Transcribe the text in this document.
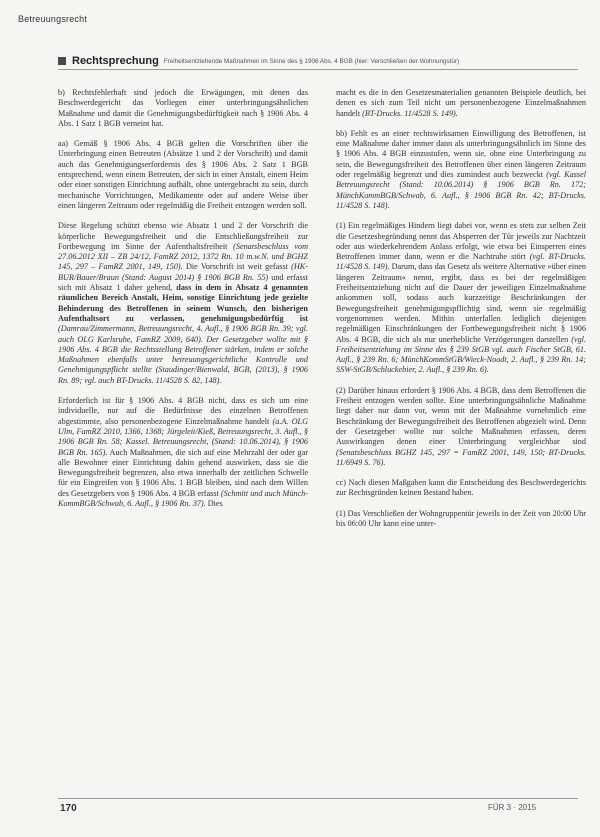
Betreuungsrecht
Rechtsprechung Freiheitsentziehende Maßnahmen im Sinne des § 1906 Abs. 4 BGB (hier: Verschließen der Wohnungstür)

b) Rechtsfehlerhaft sind jedoch die Erwägungen, mit denen das Beschwerdegericht das Vorliegen einer unterbringungsähnlichen Maßnahme und damit die Genehmigungsbedürftigkeit nach § 1906 Abs. 4 Abs. 1 Satz 1 BGB verneint hat.

aa) Gemäß § 1906 Abs. 4 BGB gelten die Vorschriften über die Unterbringung einen Betreuten (Absätze 1 und 2 der Vorschrift) und damit auch das Genehmigungserfordernis des § 1906 Abs. 2 Satz 1 BGB entsprechend, wenn einem Betreuten, der sich in einer Anstalt, einem Heim oder einer sonstigen Einrichtung aufhält, ohne untergebracht zu sein, durch mechanische Vorrichtungen, Medikamente oder auf andere Weise über einen längeren Zeitraum oder regelmäßig die Freiheit entzogen werden soll.

Diese Regelung schützt ebenso wie Absatz 1 und 2 der Vorschrift die körperliche Bewegungsfreiheit und die Entschließungsfreiheit zur Fortbewegung im Sinne der Aufenthaltsfreiheit (Senatsbeschluss vom 27.06.2012 XII – ZB 24/12, FamRZ 2012, 1372 Rn. 10 m.w.N. und BGHZ 145, 297 – FamRZ 2001, 149, 150). Die Vorschrift ist weit gefasst (HK-BUR/Bauer/Braun (Stand: August 2014) § 1906 BGB Rn. 55) und erfasst sich mit Absatz 1 daher gehend, dass in dem in Absatz 4 genannten räumlichen Bereich Anstalt, Heim, sonstige Einrichtung jede gezielte Behinderung des Betroffenen in seinem Wunsch, den bisherigen Aufenthaltsort zu verlassen, genehmigungsbedürftig ist (Damrau/Zimmermann, Betreuungsrecht, 4. Aufl., § 1906 BGB Rn. 39; vgl. auch OLG Karlsruhe, FamRZ 2009, 640). Der Gesetzgeber wollte mit § 1906 Abs. 4 BGB die Rechtsstellung Betroffener stärken, indem er solche Maßnahmen ebenfalls unter betreuungsgerichtliche Kontrolle und Genehmigungspflicht stellte (Staudinger/Bienwald, BGB, (2013), § 1906 Rn. 89; vgl. auch BT-Drucks. 11/4528 S. 82, 148).

Erforderlich ist für § 1906 Abs. 4 BGB nicht, dass es sich um eine individuelle, nur auf die Bedürfnisse des einzelnen Betroffenen abgestimmte, also personenbezogene Einzelmaßnahme handelt (a.A. OLG Ulm, FamRZ 2010, 1366, 1368; Jürgeleit/Kieß, Betreuungsrecht, 3. Aufl., § 1906 BGB Rn. 58; Kassel. Betreuungsrecht, (Stand: 10.06.2014), § 1906 BGB Rn. 165). Auch Maßnahmen, die sich auf eine Mehrzahl der oder gar alle Bewohner einer Einrichtung dahin gehend auswirken, dass sie die Bewegungsfreiheit begrenzen, also etwa innerhalb der zeitlichen Schwelle für ein Eingreifen von § 1906 Abs. 1 BGB bleiben, sind nach dem Willen des Gesetzgebers von § 1906 Abs. 4 BGB erfasst (Schmitt und auch Münch-KommBGB/Schwab, 6. Aufl., § 1906 Rn. 37). Dies

macht es die in den Gesetzesmaterialien genannten Beispiele deutlich, bei denen es sich zum Teil nicht um personenbezogene Einzelmaßnahmen handelt (BT-Drucks. 11/4528 S. 149).

bb) Fehlt es an einer rechtswirksamen Einwilligung des Betroffenen, ist eine Maßnahme daher immer dann als unterbringungsähnlich im Sinne des § 1906 Abs. 4 BGB einzustufen, wenn sie, ohne eine Unterbringung zu sein, die Bewegungsfreiheit des Betroffenen über einen längeren Zeitraum oder regelmäßig begrenzt und dies zumindest auch bezweckt (vgl. Kassel Betreuungsrecht (Stand: 10.06.2014) § 1906 BGB Rn. 172; MünchKommBGB/Schwab, 6. Aufl., § 1906 BGB Rn. 42; BT-Drucks. 11/4528 S. 148).

(1) Ein regelmäßiges Hindern liegt dabei vor, wenn es stets zur selben Zeit die Gesetzesbegründung nennt das Absperren der Tür jeweils zur Nachtzeit oder aus wiederkehrendem Anlass erfolgt, wie etwa bei Einsperren eines Betroffenen immer dann, wenn er die Nachtruhe stört (vgl. BT-Drucks. 11/4528 S. 149). Darum, dass das Gesetz als weitere Alternative »über einen längeren Zeitraum« nennt, ergibt, dass es bei der regelmäßigen Freiheitsentziehung nicht auf die Dauer der jeweiligen Einzelmaßnahme ankommen soll, sodass auch kurzzeitige Beschränkungen der Bewegungsfreiheit genehmigungspflichtig sind, wenn sie regelmäßig vorgenommen werden. Mithin unterfallen lediglich diejenigen regelmäßigen Einschränkungen der Fortbewegungsfreiheit nicht § 1906 Abs. 4 BGB, die sich als nur unerhebliche Verzögerungen darstellen (vgl. Freiheitsentziehung im Sinne des § 239 StGB vgl. auch Fischer StGB, 61. Aufl., § 239 Rn. 6; MünchKommStGB/Wieck-Noodt, 2. Aufl., § 239 Rn. 14; SSW-StGB/Schluckebier, 2. Aufl., § 239 Rn. 6).

(2) Darüber hinaus erfordert § 1906 Abs. 4 BGB, dass dem Betroffenen die Freiheit entzogen werden sollte. Eine unterbringungsähnliche Maßnahme liegt daher nur dann vor, wenn mit der Maßnahme vornehmlich eine Beschränkung der Bewegungsfreiheit des Betroffenen abgezielt wird. Denn der Gesetzgeber wollte nur solche Maßnahmen erfassen, deren Auswirkungen denen einer Unterbringung vergleichbar sind (Senatsbeschluss BGHZ 145, 297 = FamRZ 2001, 149, 150; BT-Drucks. 11/6949 S. 76).

cc) Nach diesen Maßgaben kann die Entscheidung des Beschwerdegerichts zur Rechtsgründen keinen Bestand haben.

(1) Das Verschließen der Wohngruppentür jeweils in der Zeit von 20:00 Uhr bis 06:00 Uhr kann eine unter-

170	FÜR 3 · 2015
